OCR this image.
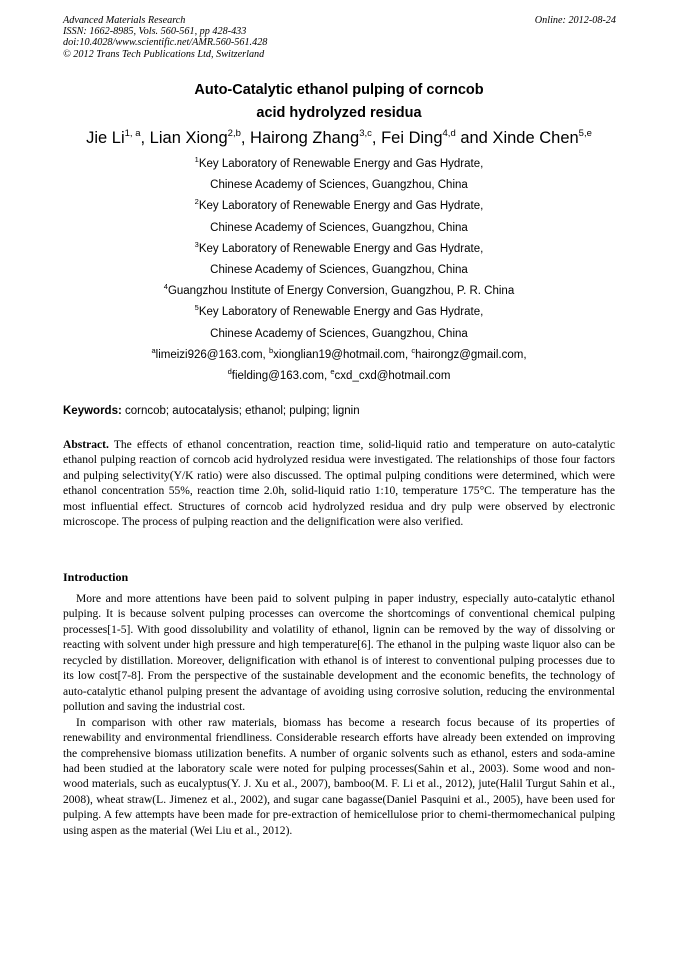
Advanced Materials Research
ISSN: 1662-8985, Vols. 560-561, pp 428-433
doi:10.4028/www.scientific.net/AMR.560-561.428
© 2012 Trans Tech Publications Ltd, Switzerland
Online: 2012-08-24
Auto-Catalytic ethanol pulping of corncob
acid hydrolyzed residua
Jie Li$^{1, a}$, Lian Xiong$^{2,b}$, Hairong Zhang$^{3,c}$, Fei Ding$^{4,d}$ and Xinde Chen$^{5,e}$
$^1$Key Laboratory of Renewable Energy and Gas Hydrate,
Chinese Academy of Sciences, Guangzhou, China
$^2$Key Laboratory of Renewable Energy and Gas Hydrate,
Chinese Academy of Sciences, Guangzhou, China
$^3$Key Laboratory of Renewable Energy and Gas Hydrate,
Chinese Academy of Sciences, Guangzhou, China
$^4$Guangzhou Institute of Energy Conversion, Guangzhou, P. R. China
$^5$Key Laboratory of Renewable Energy and Gas Hydrate,
Chinese Academy of Sciences, Guangzhou, China
$^a$limeizi926@163.com, $^b$xionglian19@hotmail.com, $^c$hairongz@gmail.com,
$^d$fielding@163.com, $^e$cxd_cxd@hotmail.com
Keywords: corncob; autocatalysis; ethanol; pulping; lignin
Abstract. The effects of ethanol concentration, reaction time, solid-liquid ratio and temperature on auto-catalytic ethanol pulping reaction of corncob acid hydrolyzed residua were investigated. The relationships of those four factors and pulping selectivity(Y/K ratio) were also discussed. The optimal pulping conditions were determined, which were ethanol concentration 55%, reaction time 2.0h, solid-liquid ratio 1:10, temperature 175°C. The temperature has the most influential effect. Structures of corncob acid hydrolyzed residua and dry pulp were observed by electronic microscope. The process of pulping reaction and the delignification were also verified.
Introduction

More and more attentions have been paid to solvent pulping in paper industry, especially auto-catalytic ethanol pulping. It is because solvent pulping processes can overcome the shortcomings of conventional chemical pulping processes[1-5]. With good dissolubility and volatility of ethanol, lignin can be removed by the way of dissolving or reacting with solvent under high pressure and high temperature[6]. The ethanol in the pulping waste liquor also can be recycled by distillation. Moreover, delignification with ethanol is of interest to conventional pulping processes due to its low cost[7-8]. From the perspective of the sustainable development and the economic benefits, the technology of auto-catalytic ethanol pulping present the advantage of avoiding using corrosive solution, reducing the environmental pollution and saving the industrial cost.

In comparison with other raw materials, biomass has become a research focus because of its properties of renewability and environmental friendliness. Considerable research efforts have already been extended on improving the comprehensive biomass utilization benefits. A number of organic solvents such as ethanol, esters and soda-amine had been studied at the laboratory scale were noted for pulping processes(Sahin et al., 2003). Some wood and non-wood materials, such as eucalyptus(Y. J. Xu et al., 2007), bamboo(M. F. Li et al., 2012), jute(Halil Turgut Sahin et al., 2008), wheat straw(L. Jimenez et al., 2002), and sugar cane bagasse(Daniel Pasquini et al., 2005), have been used for pulping. A few attempts have been made for pre-extraction of hemicellulose prior to chemi-thermomechanical pulping using aspen as the material (Wei Liu et al., 2012).
